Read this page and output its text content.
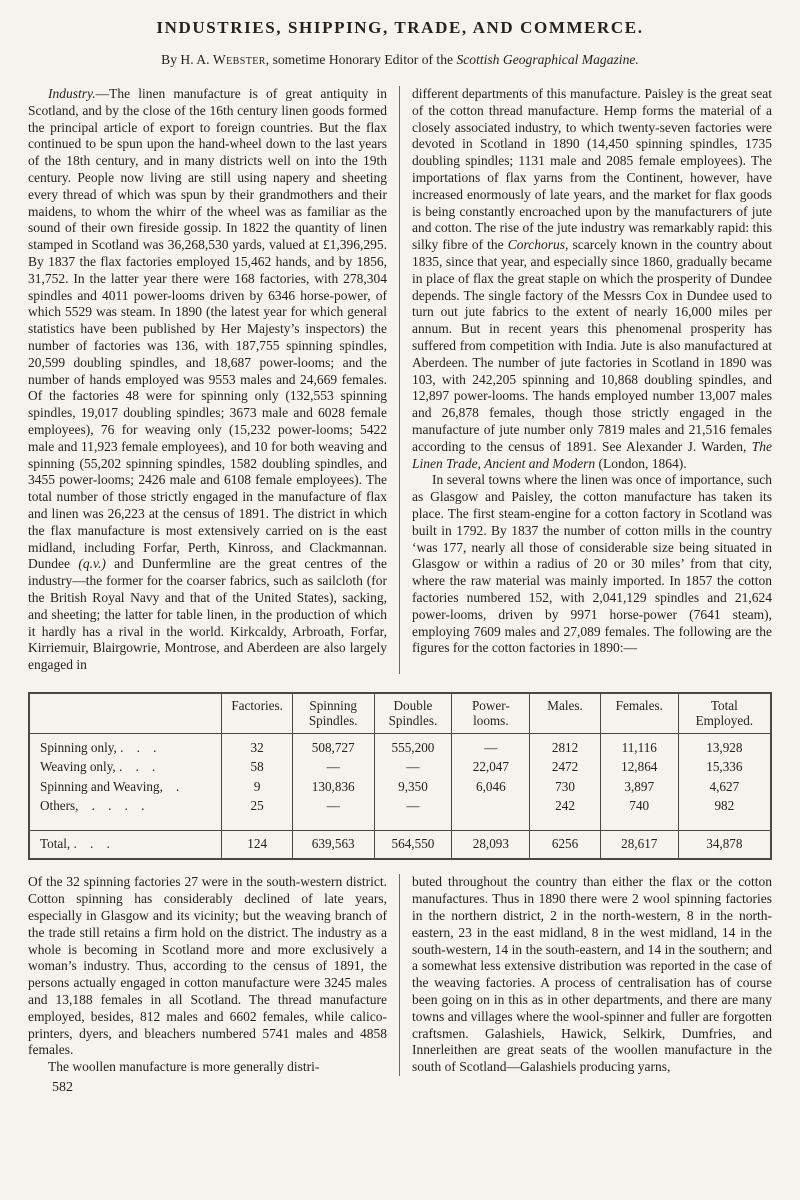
INDUSTRIES, SHIPPING, TRADE, AND COMMERCE.
By H. A. Webster, sometime Honorary Editor of the Scottish Geographical Magazine.

Industry.—The linen manufacture is of great antiquity in Scotland, and by the close of the 16th century linen goods formed the principal article of export to foreign countries. But the flax continued to be spun upon the hand-wheel down to the last years of the 18th century, and in many districts well on into the 19th century. People now living are still using napery and sheeting every thread of which was spun by their grandmothers and their maidens, to whom the whirr of the wheel was as familiar as the sound of their own fireside gossip. In 1822 the quantity of linen stamped in Scotland was 36,268,530 yards, valued at £1,396,295. By 1837 the flax factories employed 15,462 hands, and by 1856, 31,752. In the latter year there were 168 factories, with 278,304 spindles and 4011 power-looms driven by 6346 horse-power, of which 5529 was steam. In 1890 (the latest year for which general statistics have been published by Her Majesty’s inspectors) the number of factories was 136, with 187,755 spinning spindles, 20,599 doubling spindles, and 18,687 power-looms; and the number of hands employed was 9553 males and 24,669 females. Of the factories 48 were for spinning only (132,553 spinning spindles, 19,017 doubling spindles; 3673 male and 6028 female employees), 76 for weaving only (15,232 power-looms; 5422 male and 11,923 female employees), and 10 for both weaving and spinning (55,202 spinning spindles, 1582 doubling spindles, and 3455 power-looms; 2426 male and 6108 female employees). The total number of those strictly engaged in the manufacture of flax and linen was 26,223 at the census of 1891. The district in which the flax manufacture is most extensively carried on is the east midland, including Forfar, Perth, Kinross, and Clackmannan. Dundee (q.v.) and Dunfermline are the great centres of the industry—the former for the coarser fabrics, such as sailcloth (for the British Royal Navy and that of the United States), sacking, and sheeting; the latter for table linen, in the production of which it hardly has a rival in the world. Kirkcaldy, Arbroath, Forfar, Kirriemuir, Blairgowrie, Montrose, and Aberdeen are also largely engaged in

different departments of this manufacture. Paisley is the great seat of the cotton thread manufacture. Hemp forms the material of a closely associated industry, to which twenty-seven factories were devoted in Scotland in 1890 (14,450 spinning spindles, 1735 doubling spindles; 1131 male and 2085 female employees). The importations of flax yarns from the Continent, however, have increased enormously of late years, and the market for flax goods is being constantly encroached upon by the manufacturers of jute and cotton. The rise of the jute industry was remarkably rapid: this silky fibre of the Corchorus, scarcely known in the country about 1835, since that year, and especially since 1860, gradually became in place of flax the great staple on which the prosperity of Dundee depends. The single factory of the Messrs Cox in Dundee used to turn out jute fabrics to the extent of nearly 16,000 miles per annum. But in recent years this phenomenal prosperity has suffered from competition with India. Jute is also manufactured at Aberdeen. The number of jute factories in Scotland in 1890 was 103, with 242,205 spinning and 10,868 doubling spindles, and 12,897 power-looms. The hands employed number 13,007 males and 26,878 females, though those strictly engaged in the manufacture of jute number only 7819 males and 21,516 females according to the census of 1891. See Alexander J. Warden, The Linen Trade, Ancient and Modern (London, 1864).

In several towns where the linen was once of importance, such as Glasgow and Paisley, the cotton manufacture has taken its place. The first steam-engine for a cotton factory in Scotland was built in 1792. By 1837 the number of cotton mills in the country ‘was 177, nearly all those of considerable size being situated in Glasgow or within a radius of 20 or 30 miles’ from that city, where the raw material was mainly imported. In 1857 the cotton factories numbered 152, with 2,041,129 spindles and 21,624 power-looms, driven by 9971 horse-power (7641 steam), employing 7609 males and 27,089 females. The following are the figures for the cotton factories in 1890:—

	Factories.	Spinning Spindles.	Double Spindles.	Power-looms.	Males.	Females.	Total Employed.
Spinning only, . . .	32	508,727	555,200	—	2812	11,116	13,928
Weaving only, . . .	58	—	—	22,047	2472	12,864	15,336
Spinning and Weaving, .	9	130,836	9,350	6,046	730	3,897	4,627
Others, . . . .	25	—	—		242	740	982
Total, . . .	124	639,563	564,550	28,093	6256	28,617	34,878

Of the 32 spinning factories 27 were in the south-western district. Cotton spinning has considerably declined of late years, especially in Glasgow and its vicinity; but the weaving branch of the trade still retains a firm hold on the district. The industry as a whole is becoming in Scotland more and more exclusively a woman’s industry. Thus, according to the census of 1891, the persons actually engaged in cotton manufacture were 3245 males and 13,188 females in all Scotland. The thread manufacture employed, besides, 812 males and 6602 females, while calico-printers, dyers, and bleachers numbered 5741 males and 4858 females.

The woollen manufacture is more generally distri-

buted throughout the country than either the flax or the cotton manufactures. Thus in 1890 there were 2 wool spinning factories in the northern district, 2 in the north-western, 8 in the north-eastern, 23 in the east midland, 8 in the west midland, 14 in the south-western, 14 in the south-eastern, and 14 in the southern; and a somewhat less extensive distribution was reported in the case of the weaving factories. A process of centralisation has of course been going on in this as in other departments, and there are many towns and villages where the wool-spinner and fuller are forgotten craftsmen. Galashiels, Hawick, Selkirk, Dumfries, and Innerleithen are great seats of the woollen manufacture in the south of Scotland—Galashiels producing yarns,

582
